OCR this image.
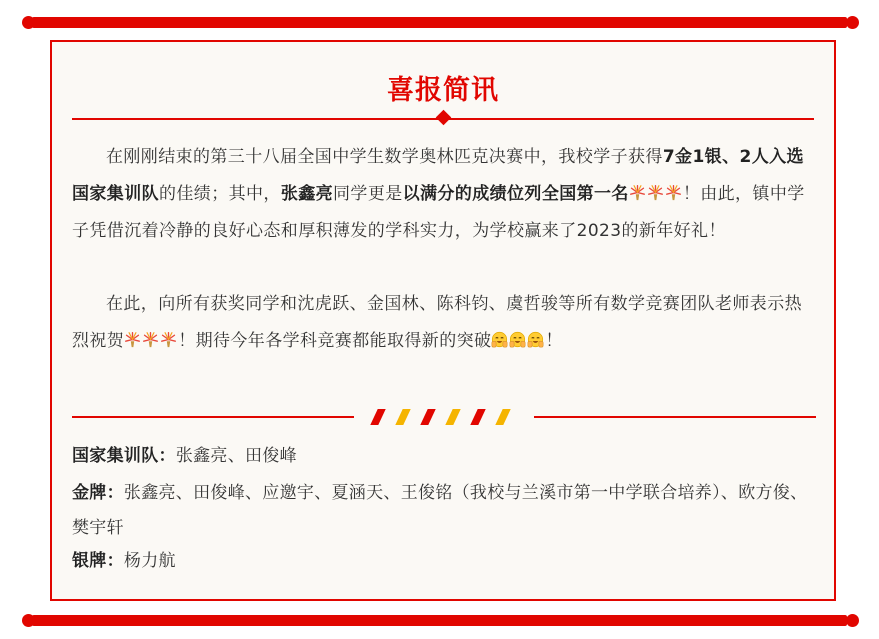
喜报简讯

在刚刚结束的第三十八届全国中学生数学奥林匹克决赛中，我校学子获得7金1银、2人入选国家集训队的佳绩；其中，张鑫亮同学更是以满分的成绩位列全国第一名	！由此，镇中学子凭借沉着冷静的良好心态和厚积薄发的学科实力，为学校赢来了2023的新年好礼！

在此，向所有获奖同学和沈虎跃、金国林、陈科钧、虞哲骏等所有数学竞赛团队老师表示热烈祝贺	！期待今年各学科竞赛都能取得新的突破	！

国家集训队：张鑫亮、田俊峰
金牌：张鑫亮、田俊峰、应邀宇、夏涵天、王俊铭（我校与兰溪市第一中学联合培养）、欧方俊、樊宇轩
银牌：杨力航
